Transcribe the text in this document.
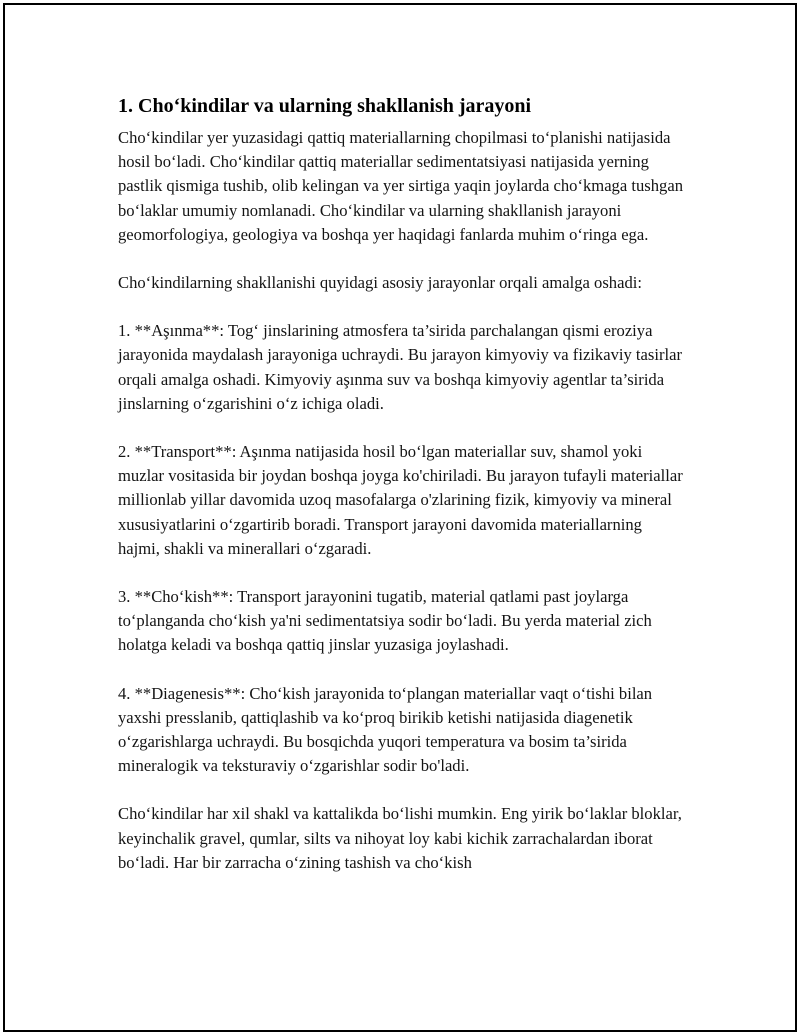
1. Cho‘kindilar va ularning shakllanish jarayoni

Cho‘kindilar yer yuzasidagi qattiq materiallarning chopilmasi to‘planishi natijasida hosil bo‘ladi. Cho‘kindilar qattiq materiallar sedimentatsiyasi natijasida yerning pastlik qismiga tushib, olib kelingan va yer sirtiga yaqin joylarda cho‘kmaga tushgan bo‘laklar umumiy nomlanadi. Cho‘kindilar va ularning shakllanish jarayoni geomorfologiya, geologiya va boshqa yer haqidagi fanlarda muhim o‘ringa ega.

Cho‘kindilarning shakllanishi quyidagi asosiy jarayonlar orqali amalga oshadi:

1. **Aşınma**: Tog‘ jinslarining atmosfera ta’sirida parchalangan qismi eroziya jarayonida maydalash jarayoniga uchraydi. Bu jarayon kimyoviy va fizikaviy tasirlar orqali amalga oshadi. Kimyoviy aşınma suv va boshqa kimyoviy agentlar ta’sirida jinslarning o‘zgarishini o‘z ichiga oladi.

2. **Transport**: Aşınma natijasida hosil bo‘lgan materiallar suv, shamol yoki muzlar vositasida bir joydan boshqa joyga ko'chiriladi. Bu jarayon tufayli materiallar millionlab yillar davomida uzoq masofalarga o'zlarining fizik, kimyoviy va mineral xususiyatlarini o‘zgartirib boradi. Transport jarayoni davomida materiallarning hajmi, shakli va minerallari o‘zgaradi.

3. **Cho‘kish**: Transport jarayonini tugatib, material qatlami past joylarga to‘planganda cho‘kish ya'ni sedimentatsiya sodir bo‘ladi. Bu yerda material zich holatga keladi va boshqa qattiq jinslar yuzasiga joylashadi.

4. **Diagenesis**: Cho‘kish jarayonida to‘plangan materiallar vaqt o‘tishi bilan yaxshi presslanib, qattiqlashib va ko‘proq birikib ketishi natijasida diagenetik o‘zgarishlarga uchraydi. Bu bosqichda yuqori temperatura va bosim ta’sirida mineralogik va teksturaviy o‘zgarishlar sodir bo'ladi.

Cho‘kindilar har xil shakl va kattalikda bo‘lishi mumkin. Eng yirik bo‘laklar bloklar, keyinchalik gravel, qumlar, silts va nihoyat loy kabi kichik zarrachalardan iborat bo‘ladi. Har bir zarracha o‘zining tashish va cho‘kish
